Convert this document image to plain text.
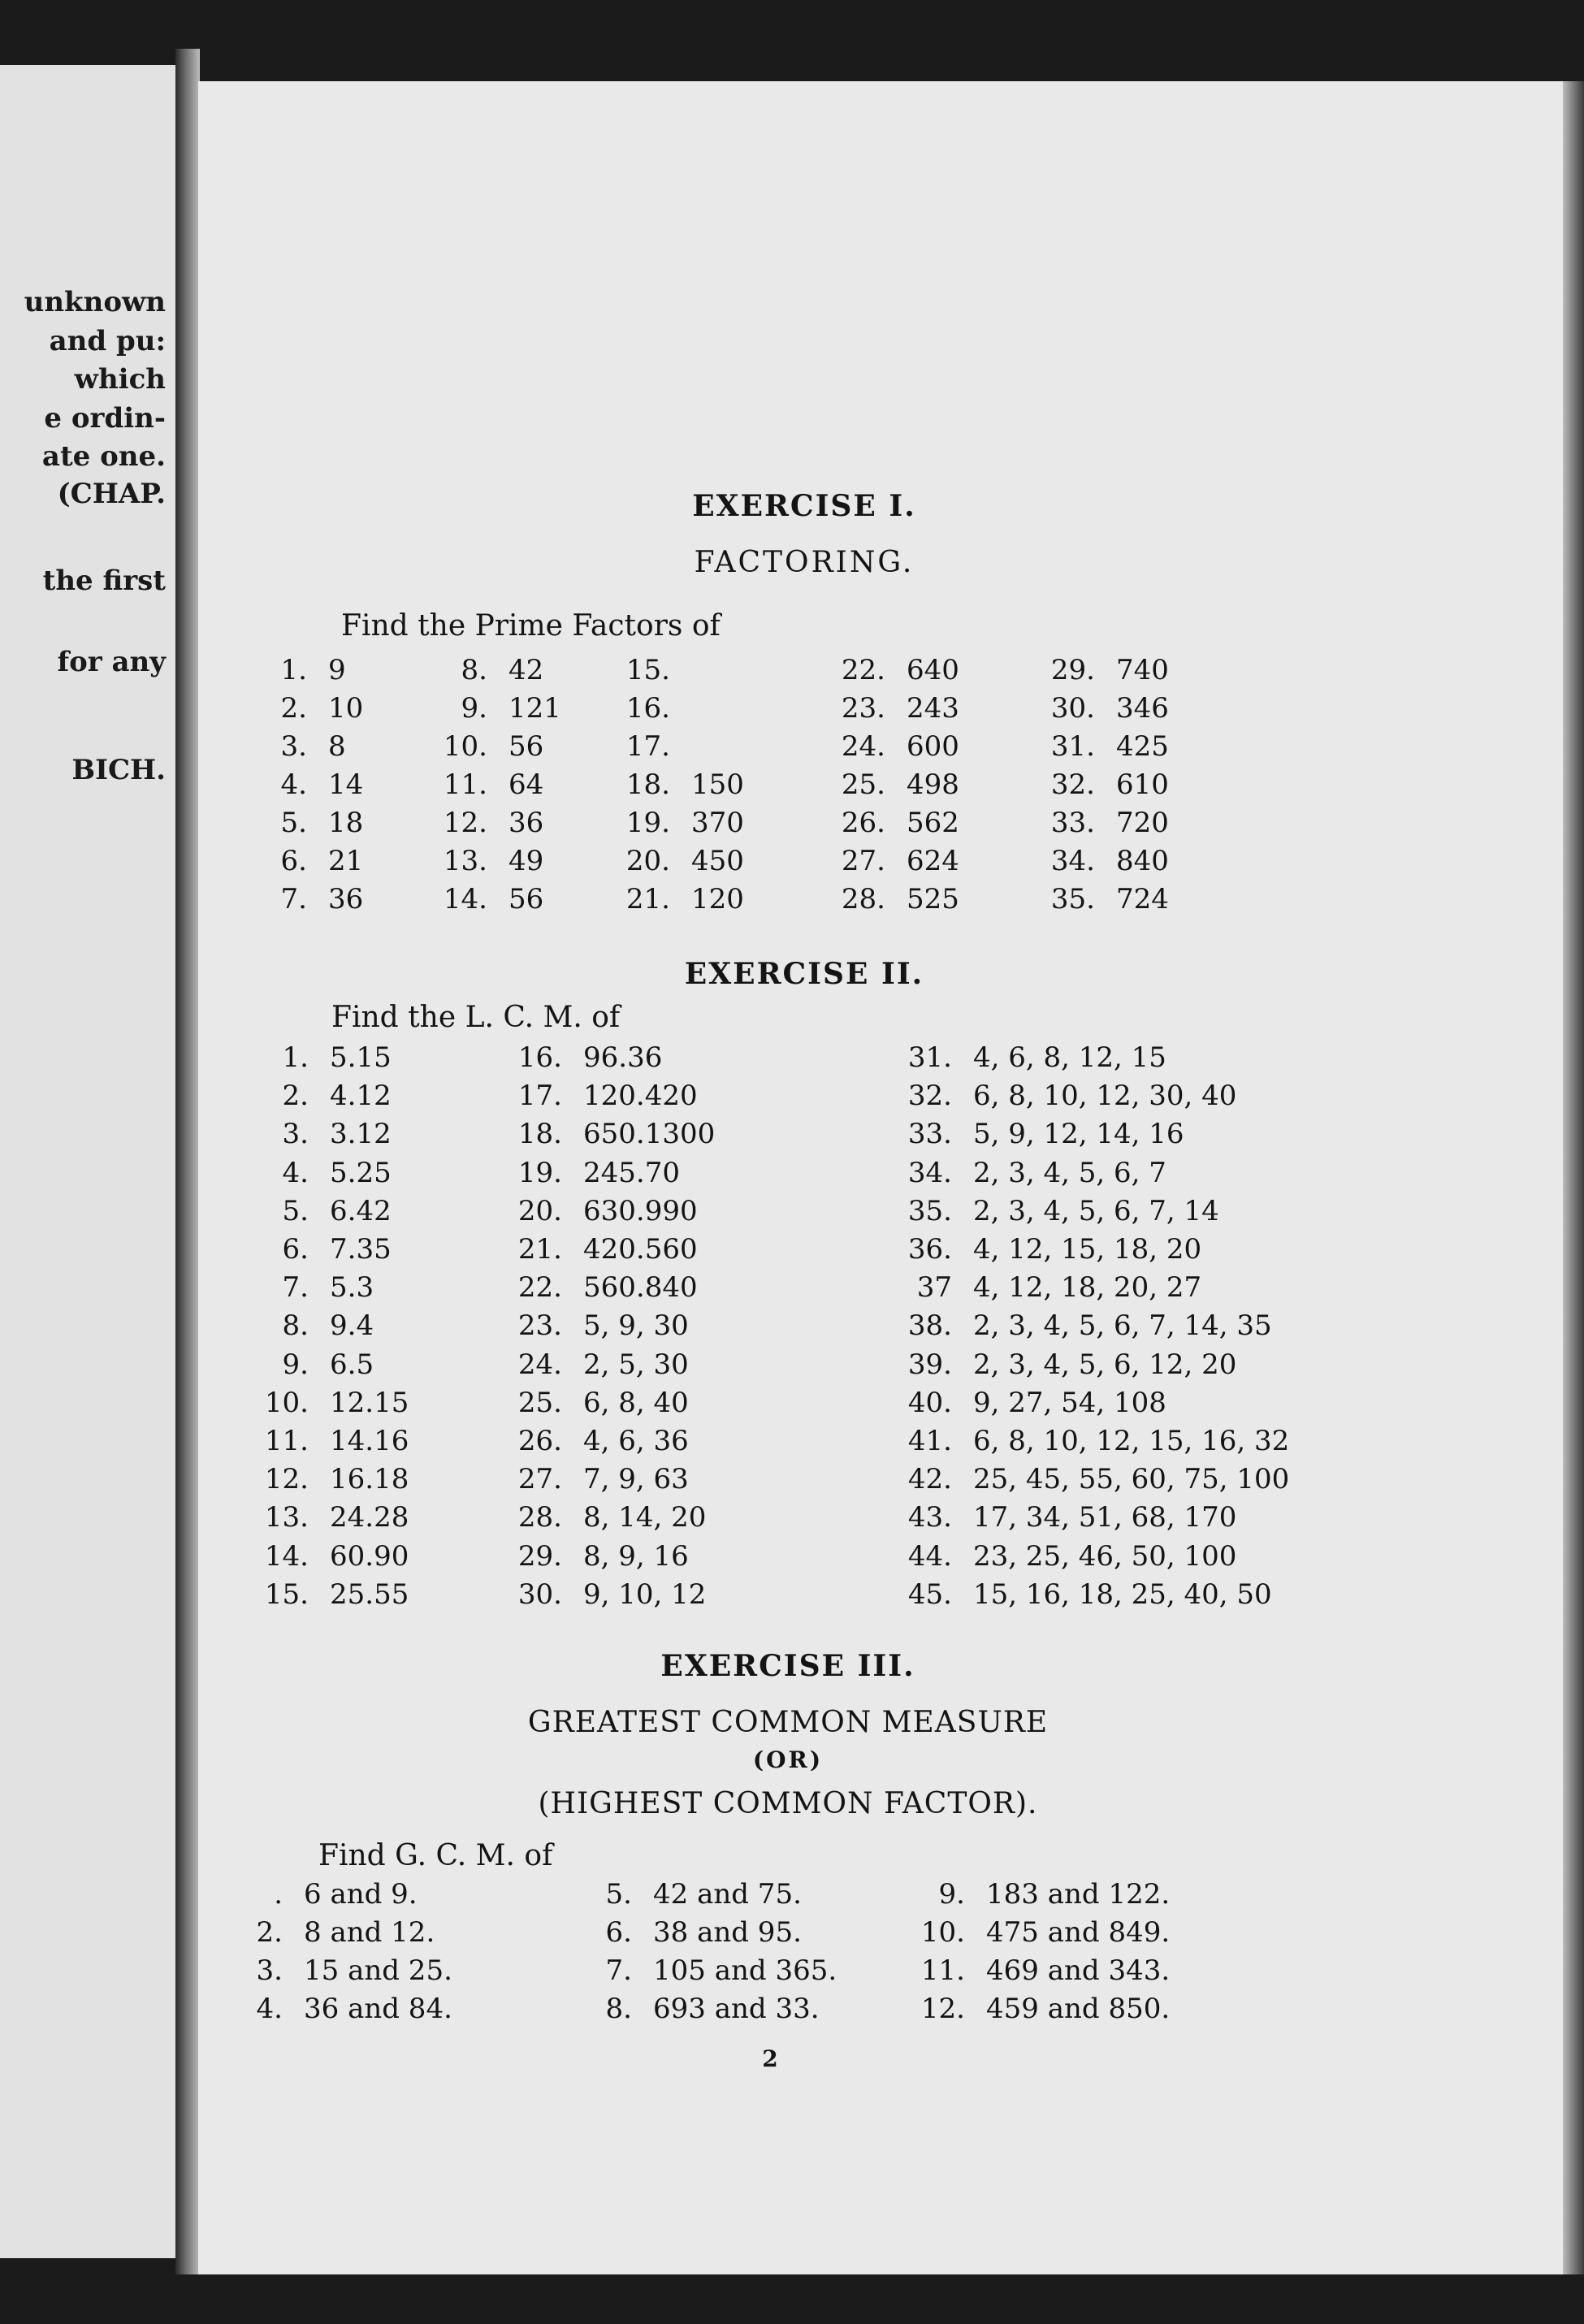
unknown
and pu:
which
e ordin-
ate one.
(CHAP.
the first
for any
BICH.
EXERCISE I.
FACTORING.
Find the Prime Factors of
1. 9
2. 10
3. 8
4. 14
5. 18
6. 21
7. 36
8. 42
9. 121
10. 56
11. 64
12. 36
13. 49
14. 56
15.
16.
17.
18. 150
19. 370
20. 450
21. 120
22. 640
23. 243
24. 600
25. 498
26. 562
27. 624
28. 525
29. 740
30. 346
31. 425
32. 610
33. 720
34. 840
35. 724
EXERCISE II.
Find the L. C. M. of
1. 5.15
2. 4.12
3. 3.12
4. 5.25
5. 6.42
6. 7.35
7. 5.3
8. 9.4
9. 6.5
10. 12.15
11. 14.16
12. 16.18
13. 24.28
14. 60.90
15. 25.55
16. 96.36
17. 120.420
18. 650.1300
19. 245.70
20. 630.990
21. 420.560
22. 560.840
23. 5, 9, 30
24. 2, 5, 30
25. 6, 8, 40
26. 4, 6, 36
27. 7, 9, 63
28. 8, 14, 20
29. 8, 9, 16
30. 9, 10, 12
31. 4, 6, 8, 12, 15
32. 6, 8, 10, 12, 30, 40
33. 5, 9, 12, 14, 16
34. 2, 3, 4, 5, 6, 7
35. 2, 3, 4, 5, 6, 7, 14
36. 4, 12, 15, 18, 20
37 4, 12, 18, 20, 27
38. 2, 3, 4, 5, 6, 7, 14, 35
39. 2, 3, 4, 5, 6, 12, 20
40. 9, 27, 54, 108
41. 6, 8, 10, 12, 15, 16, 32
42. 25, 45, 55, 60, 75, 100
43. 17, 34, 51, 68, 170
44. 23, 25, 46, 50, 100
45. 15, 16, 18, 25, 40, 50
EXERCISE III.
GREATEST COMMON MEASURE
(OR)
(HIGHEST COMMON FACTOR).
Find G. C. M. of
. 6 and 9.
2. 8 and 12.
3. 15 and 25.
4. 36 and 84.
5. 42 and 75.
6. 38 and 95.
7. 105 and 365.
8. 693 and 33.
9. 183 and 122.
10. 475 and 849.
11. 469 and 343.
12. 459 and 850.
2
